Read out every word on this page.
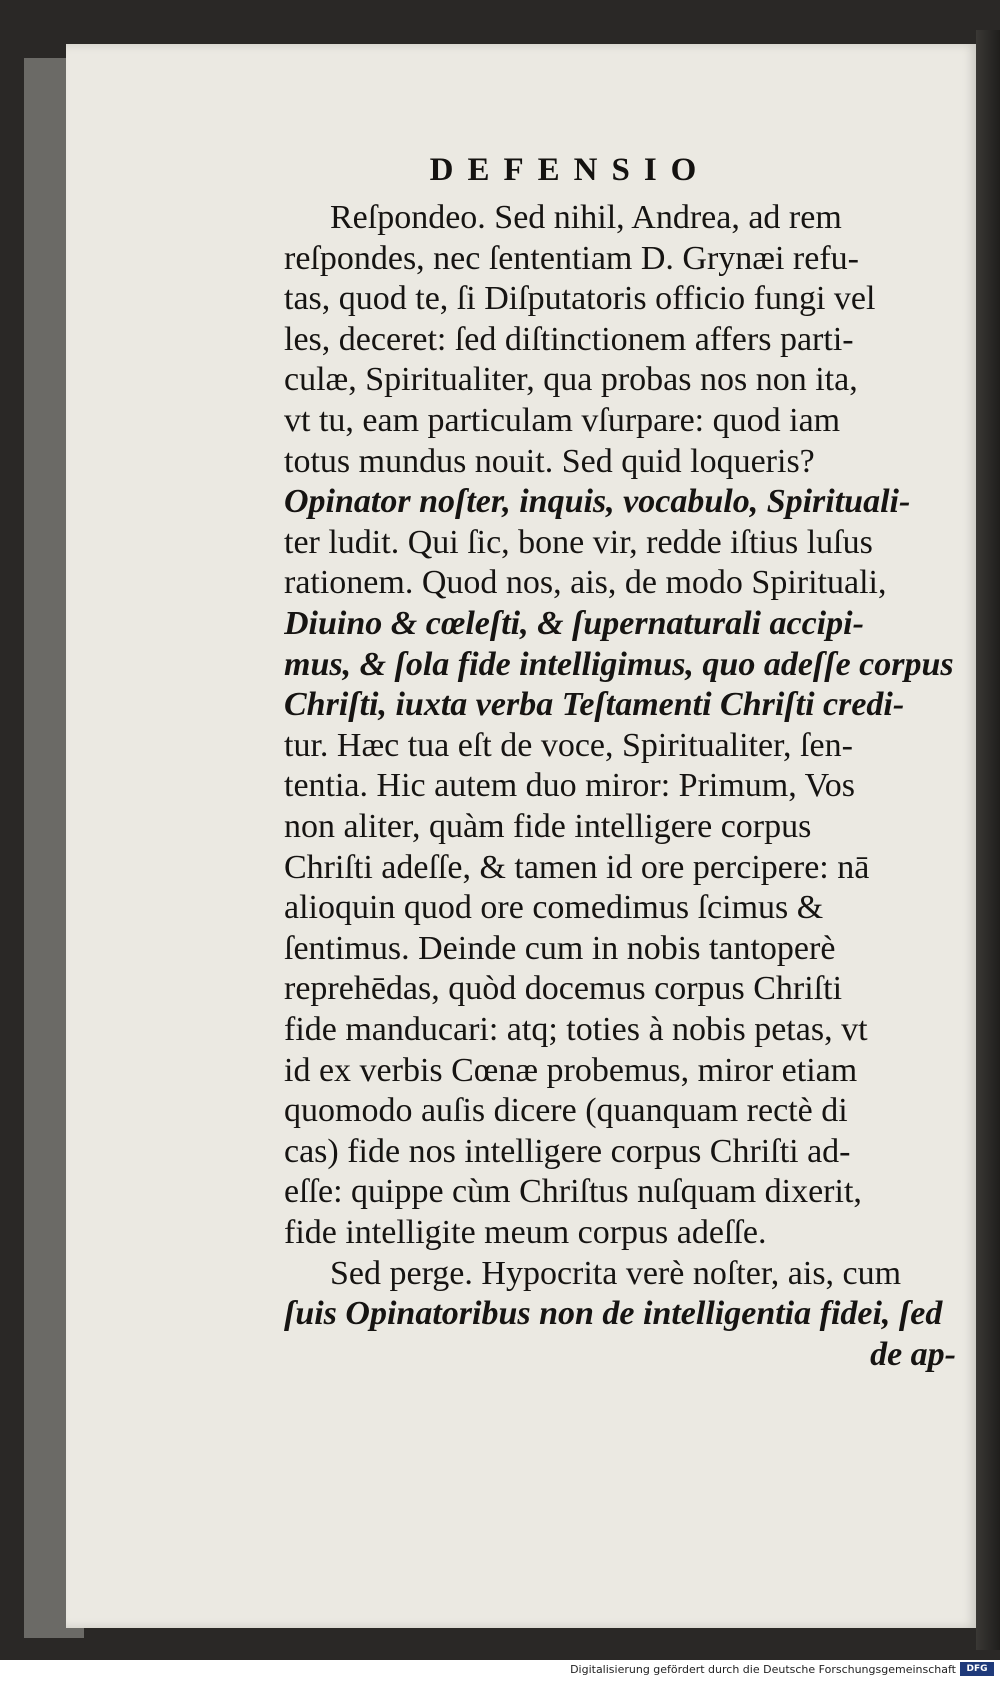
DEFENSIO
Reſpondeo. Sed nihil, Andrea, ad rem
reſpondes, nec ſententiam D. Grynæi refu-
tas, quod te, ſi Diſputatoris officio fungi vel
les, deceret: ſed diſtinctionem affers parti-
culæ, Spiritualiter, qua probas nos non ita,
vt tu, eam particulam vſurpare: quod iam
totus mundus nouit. Sed quid loqueris?
Opinator noſter, inquis, vocabulo, Spirituali-
ter ludit. Qui ſic, bone vir, redde iſtius luſus
rationem. Quod nos, ais, de modo Spirituali,
Diuino & cœleſti, & ſupernaturali accipi-
mus, & ſola fide intelligimus, quo adeſſe corpus
Chriſti, iuxta verba Teſtamenti Chriſti credi-
tur. Hæc tua eſt de voce, Spiritualiter, ſen-
tentia. Hic autem duo miror: Primum, Vos
non aliter, quàm fide intelligere corpus
Chriſti adeſſe, & tamen id ore percipere: nā
alioquin quod ore comedimus ſcimus &
ſentimus. Deinde cum in nobis tantoperè
reprehēdas, quòd docemus corpus Chriſti
fide manducari: atq; toties à nobis petas, vt
id ex verbis Cœnæ probemus, miror etiam
quomodo auſis dicere (quanquam rectè di
cas) fide nos intelligere corpus Chriſti ad-
eſſe: quippe cùm Chriſtus nuſquam dixerit,
fide intelligite meum corpus adeſſe.
Sed perge. Hypocrita verè noſter, ais, cum
ſuis Opinatoribus non de intelligentia fidei, ſed
de ap-
Digitalisierung gefördert durch die Deutsche Forschungsgemeinschaft	DFG
